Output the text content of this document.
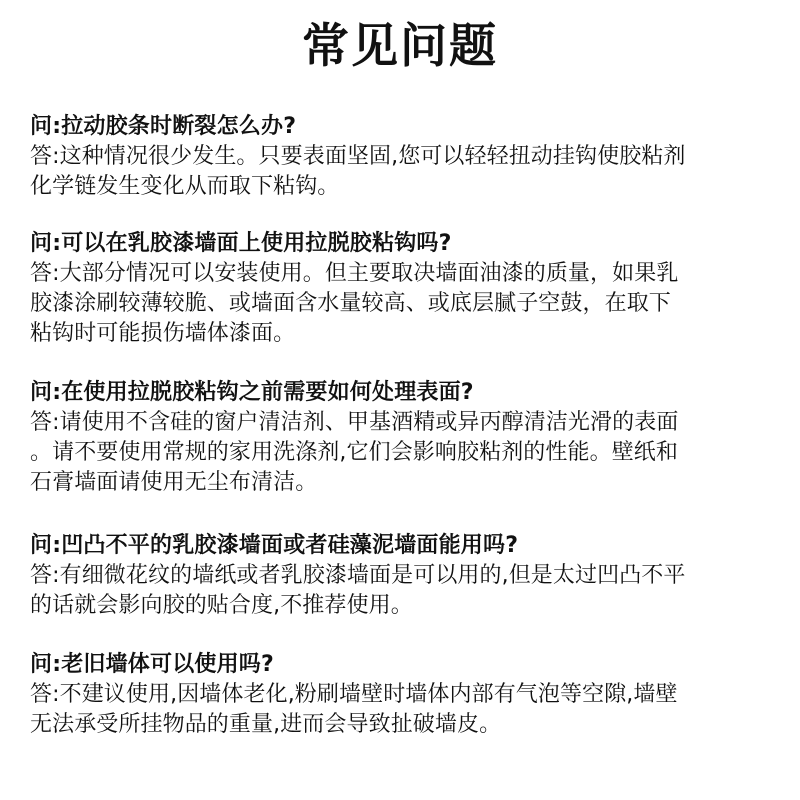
常见问题
问:拉动胶条时断裂怎么办?
答:这种情况很少发生。只要表面坚固,您可以轻轻扭动挂钩使胶粘剂
化学链发生变化从而取下粘钩。
问:可以在乳胶漆墙面上使用拉脱胶粘钩吗?
答:大部分情况可以安装使用。但主要取决墙面油漆的质量，如果乳
胶漆涂刷较薄较脆、或墙面含水量较高、或底层腻子空鼓，在取下
粘钩时可能损伤墙体漆面。
问:在使用拉脱胶粘钩之前需要如何处理表面?
答:请使用不含硅的窗户清洁剂、甲基酒精或异丙醇清洁光滑的表面
。请不要使用常规的家用洗涤剂,它们会影响胶粘剂的性能。壁纸和
石膏墙面请使用无尘布清洁。
问:凹凸不平的乳胶漆墙面或者硅藻泥墙面能用吗?
答:有细微花纹的墙纸或者乳胶漆墙面是可以用的,但是太过凹凸不平
的话就会影向胶的贴合度,不推荐使用。
问:老旧墙体可以使用吗?
答:不建议使用,因墙体老化,粉刷墙壁时墙体内部有气泡等空隙,墙壁
无法承受所挂物品的重量,进而会导致扯破墙皮。
